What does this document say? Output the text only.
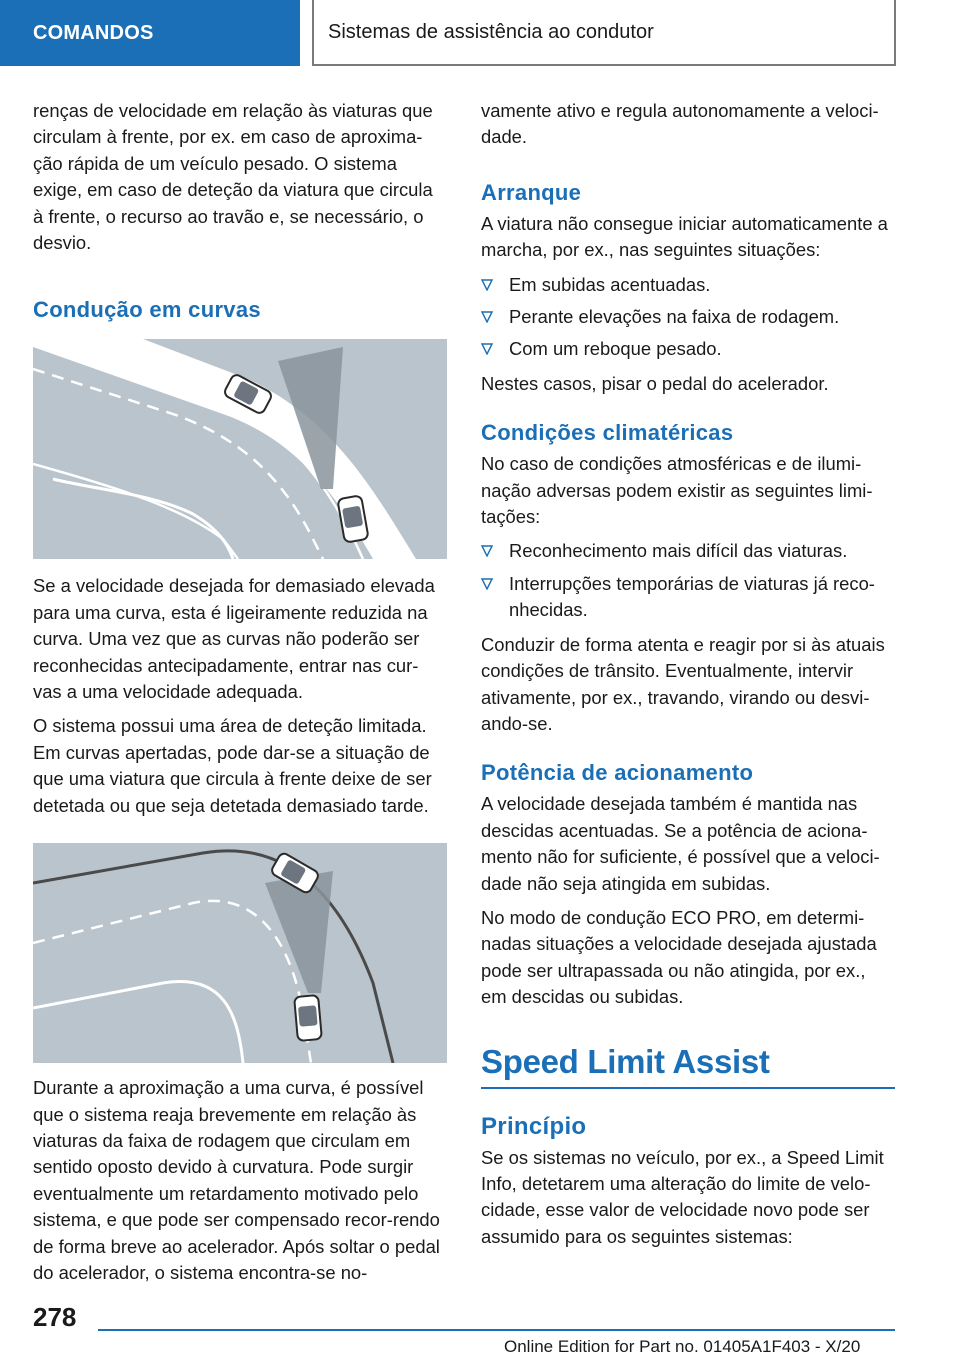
COMANDOS	Sistemas de assistência ao condutor

renças de velocidade em relação às viaturas que circulam à frente, por ex. em caso de aproxima-ção rápida de um veículo pesado. O sistema exige, em caso de deteção da viatura que circula à frente, o recurso ao travão e, se necessário, o desvio.

Condução em curvas

Se a velocidade desejada for demasiado elevada para uma curva, esta é ligeiramente reduzida na curva. Uma vez que as curvas não poderão ser reconhecidas antecipadamente, entrar nas cur-vas a uma velocidade adequada.

O sistema possui uma área de deteção limitada. Em curvas apertadas, pode dar-se a situação de que uma viatura que circula à frente deixe de ser detetada ou que seja detetada demasiado tarde.

Durante a aproximação a uma curva, é possível que o sistema reaja brevemente em relação às viaturas da faixa de rodagem que circulam em sentido oposto devido à curvatura. Pode surgir eventualmente um retardamento motivado pelo sistema, e que pode ser compensado recor-rendo de forma breve ao acelerador. Após soltar o pedal do acelerador, o sistema encontra-se no-

vamente ativo e regula autonomamente a veloci-dade.

Arranque

A viatura não consegue iniciar automaticamente a marcha, por ex., nas seguintes situações:

Em subidas acentuadas.
Perante elevações na faixa de rodagem.
Com um reboque pesado.

Nestes casos, pisar o pedal do acelerador.

Condições climatéricas

No caso de condições atmosféricas e de ilumi-nação adversas podem existir as seguintes limi-tações:

Reconhecimento mais difícil das viaturas.
Interrupções temporárias de viaturas já reco-nhecidas.

Conduzir de forma atenta e reagir por si às atuais condições de trânsito. Eventualmente, intervir ativamente, por ex., travando, virando ou desvi-ando-se.

Potência de acionamento

A velocidade desejada também é mantida nas descidas acentuadas. Se a potência de aciona-mento não for suficiente, é possível que a veloci-dade não seja atingida em subidas.

No modo de condução ECO PRO, em determi-nadas situações a velocidade desejada ajustada pode ser ultrapassada ou não atingida, por ex., em descidas ou subidas.

Speed Limit Assist
Princípio

Se os sistemas no veículo, por ex., a Speed Limit Info, detetarem uma alteração do limite de velo-cidade, esse valor de velocidade novo pode ser assumido para os seguintes sistemas:

278
Online Edition for Part no. 01405A1F403 - X/20
